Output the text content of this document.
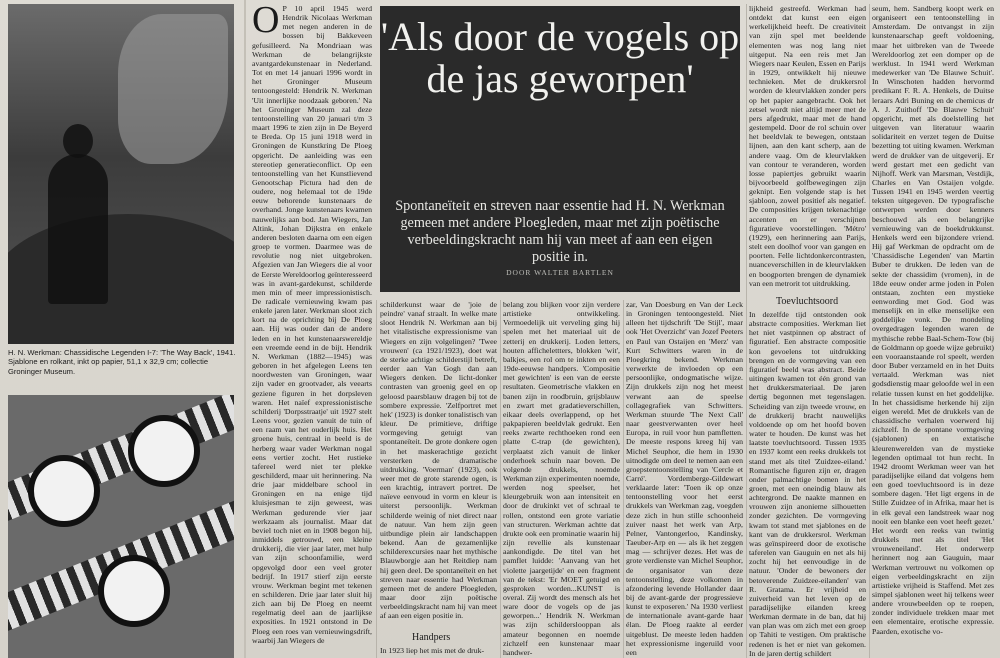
H. N. Werkman: Chassidische Legenden I-7: 'The Way Back', 1941. Sjablone en rolkant, inkt op papier, 51,1 x 32,9 cm; collectie Groninger Museum.
O P 10 april 1945 werd Hendrik Nicolaas Werkman met negen anderen in de bossen bij Bakkeveen gefusilleerd. Na Mondriaan was Werkman de belangrijkste avantgardekunstenaar in Nederland. Tot en met 14 januari 1996 wordt in het Groninger Museum tentoongesteld: Hendrik N. Werkman 'Uit innerlijke noodzaak geboren.' Na het Groninger Museum zal deze tentoonstelling van 20 januari t/m 3 maart 1996 te zien zijn in De Beyerd te Breda. Op 15 juni 1918 werd in Groningen de Kunstkring De Ploeg opgericht. De aanleiding was een stereotiep generatieconflict. Op een tentoonstelling van het Kunstlievend Genootschap Pictura had den de oudere, nog helemaal tot de 19de eeuw behorende kunstenaars de overhand. Jonge kunstenaars kwamen nauwelijks aan bod. Jan Wiegers, Jan Altink, Johan Dijkstra en enkele anderen besloten daarna om een eigen groep te vormen. Daarmee was de revolutie nog niet uitgebroken. Afgezien van Jan Wiegers die al voor de Eerste Wereldoorlog geïnteresseerd was in avant-gardekunst, schilderde men min of meer impressionistisch. De radicale vernieuwing kwam pas enkele jaren later. Werkman sloot zich kort na de oprichting bij De Ploeg aan. Hij was ouder dan de andere leden en in het kunstenaarswereldje een vreemde eend in de bijt. Hendrik N. Werkman (1882—1945) was geboren in het afgelegen Leens ten noordwesten van Groningen, waar zijn vader en grootvader, als veearts geziene figuren in het dorpsleven waren. Het naïef expressionistische schilderij 'Dorpsstraatje' uit 1927 stelt Leens voor, gezien vanuit de tuin of een raam van het ouderlijk huis. Het groene huis, centraal in beeld is de herberg waar vader Werkman nogal eens vertier zocht. Het rustieke tafereel werd niet ter plekke geschilderd, maar uit herinnering. Na drie jaar middelbare school in Groningen en na enige tijd kluisjesman te zijn geweest, was Werkman gedurende vier jaar werkzaam als journalist. Maar dat beviel toch niet en in 1908 begon hij, inmiddels getrouwd, een kleine drukkerij, die vier jaar later, met hulp van zijn schoonfamilie, werd opgevolgd door een veel groter bedrijf. In 1917 stierf zijn eerste vrouw. Werkman begint met tekenen en schilderen. Drie jaar later sluit hij zich aan bij De Ploeg en neemt regelmatig deel aan de jaarlijkse exposities. In 1921 ontstond in De Ploeg een roes van vernieuwingsdrift, waarbij Jan Wiegers de
'Als door de vogels op de jas geworpen'
Spontaneïteit en streven naar essentie had H. N. Werkman gemeen met andere Ploegleden, maar met zijn poëtische verbeeldingskracht nam hij van meet af aan een eigen positie in.
DOOR WALTER BARTLEN
schilderkunst waar de 'joie de peindre' vanaf straalt. In welke mate sloot Hendrik N. Werkman aan bij het vitalistische expressionisme van Wiegers en zijn volgelingen? 'Twee vrouwen' (ca 1921/1923), doet wat de sterke achtige schilderstijl betreft, eerder aan Van Gogh dan aan Wiegers denken. De licht-donker contrasten van groenig geel en op geloosd paarsblauw dragen bij tot de sombere expressie. 'Zelfportret met hek' (1923) is donker tonalistisch van kleur. De primitieve, driftige vormgeving getuigt van spontaneïteit. De grote donkere ogen in het maskerachtige gezicht versterken de dramatische uitdrukking. 'Voerman' (1923), ook weer met de grote starende ogen, is een krachtig, intravert portret. De naïeve eenvoud in vorm en kleur is uiterst persoonlijk. Werkman schilderde weinig of niet direct naar de natuur. Van hem zijn geen uitbundige plein air landschappen bekend. Aan de gezamenlijke schilderexcursies naar het mythische Blauwborgje aan het Reitdiep nam hij geen deel. De spontaneïteit en het streven naar essentie had Werkman gemeen met de andere Ploegleden, maar door zijn poëtische verbeeldingskracht nam hij van meet af aan een eigen positie in.
Handpers
In 1923 liep het mis met de druk-
belang zou blijken voor zijn verdere artistieke ontwikkeling. Vermoedelijk uit verveling ging hij spelen met het materiaal uit de zetterij en drukkerij. Loden letters, houten affichelettters, blokken 'wit', balkjes, een rol om te inkten en een 19de-eeuwse handpers. 'Compositie met gewichten' is een van de eerste resultaten. Geometrische vlakken en banen zijn in roodbruin, grijsblauw en zwart met gradatieverschillen, eikaar deels overlappend, op het pakpapieren beeldvlak gedrukt. Een reeks zwarte rechthoeken rond een platte C-trap (de gewichten), verplaatst zich vanuit de linker onderhoek schuin naar boven. De volgende drukkels, noemde Werkman zijn experimenten noemde, werden nog speelser, het kleurgebruik won aan intensiteit en door de drukinkt vet of schraal te rollen, ontstond een grote variatie van structuren. Werkman achtte dat drukte ook een prominatie waarin hij zijn revellie als kunstenaar aankondigde. De titel van het pamflet luidde: 'Aanvang van het violette jaargetijde' en een fragment van de tekst: 'Er MOET getuigd en gesproken worden...KUNST is overal. Zij wordt des mensch als het ware door de vogels op de jas geworpen...' Hendrik N. Werkman was zijn schilderslooppan als amateur begonnen en noemde zichzelf een kunstenaar maar handwer-
zar, Van Doesburg en Van der Leck in Groningen tentoongesteld. Niet alleen het tijdschrift 'De Stijl', maar ook 'Het Overzicht' van Jozef Peeters en Paul van Ostaijen en 'Merz' van Kurt Schwitters waren in de Ploegkring bekend. Werkman verwerkte de invloeden op een persoonlijke, ondogmatische wijze. Zijn drukkels zijn nog het meest verwant aan de speelse collagegrafiek van Schwitters. Werkman stuurde 'The Next Call' naar geestverwanten over heel Europa, in ruil voor hun pamfletten. De meeste respons kreeg hij van Michel Seuphor, die hem in 1930 uitnodigde om deel te nemen aan een groepstentoonstelling van 'Cercle et Carré'. Vordemberge-Gildewart verklaarde later: 'Toen ik op onze tentoonstelling voor het eerst drukkels van Werkman zag, voegden deze zich in hun stille schoonheid zuiver naast het werk van Arp, Pelner, Vantongerloo, Kandinsky, Taeuber-Arp en — als ik het zeggen mag — schrijver dezes. Het was de grote verdienste van Michel Seuphor, de organisator van deze tentoonstelling, deze volkomen in afzondering levende Hollander daar bij de avant-garde der progressieve kunst te exposeren.' Na 1930 verliest de internationale avant-garde haar élan. De Ploeg raakte al eerder uitgeblust. De meeste leden hadden het expressionisme ingeruild voor een
lijkheid gestreefd. Werkman had ontdekt dat kunst een eigen werkelijkheid heeft. De creativiteit van zijn spel met beeldende elementen was nog lang niet uitgeput. Na een reis met Jan Wiegers naar Keulen, Essen en Parijs in 1929, ontwikkelt hij nieuwe technieken. Met de drukkersrol worden de kleurvlakken zonder pers op het papier aangebracht. Ook het zetsel wordt niet altijd meer met de pers afgedrukt, maar met de hand gestempeld. Door de rol schuin over het beeldvlak te bewegen, ontstaan lijnen, aan den kant scherp, aan de andere vaag. Om de kleurvlakken van contour te veranderen, worden losse papiertjes gebruikt waarin bijvoorbeeld golfbewegingen zijn geknipt. Een volgende stap is het sjabloon, zowel positief als negatief. De composities krijgen tekenachtige accenten en er verschijnen figuratieve voorstellingen. 'Métro' (1929), een herinnering aan Parijs, stelt een doolhof voor van gangen en poorten. Felle lichtdonkercontrasten, nuanceverschillen in de kleurvlakken en boogporten brengen de dynamiek van een metrorit tot uitdrukking.
Toevluchtsoord
In dezelfde tijd ontstonden ook abstracte composities. Werkman liet het niet vastpinnen op abstract of figuratief. Een abstracte compositie kon gevoelens tot uitdrukking brengen en de vormgeving van een figuratief beeld was abstract. Beide uitingen kwamen tot één grond van het drukkersmateriaal. De jaren dertig begonnen met tegenslagen. Scheiding van zijn tweede vrouw, en de drukkerij bracht nauwelijks voldoende op om het hoofd boven water te houden. De kunst was het laatste toevluchtsoord. Tussen 1935 en 1937 komt een reeks drukkels tot stand met als titel 'Zuidzee-eiland.' Romantische figuren zijn er, dragen onder palmachtige bomen in het groen, met een oneindig blauw als achtergrond. De naakte mannen en vrouwen zijn anonieme silhouetten zonder gezichten. De vormgeving kwam tot stand met sjablones en de kant van de drukkersrol. Werkman was geïnspireerd door de exotische taferelen van Gauguin en net als hij zocht hij het eenvoudige in de natuur. 'Onder de bewoners der betoverende Zuidzee-eilanden' van R. Gratama. Er vrijheid en zuiverheid van het leven op de paradijselijke eilanden kreeg Werkman dermate in de ban, dat hij van plan was om zich met een groep op Tahiti te vestigen. Om praktische redenen is het er niet van gekomen. In de jaren dertig schildert
seum, hem. Sandberg koopt werk en organiseert een tentoonstelling in Amsterdam. De ontvangst in zijn kunstenaarschap geeft voldoening, maar het uitbreken van de Tweede Wereldoorlog zet een domper op de werklust. In 1941 werd Werkman medewerker van 'De Blauwe Schuit'. In Winschoten hadden hervormd predikant F. R. A. Henkels, de Duitse leraars Adri Buning en de chemicus dr A. J. Zuithoff 'De Blauwe Schuit' opgericht, met als doelstelling het uitgeven van literatuur waarin solidariteit en verzet tegen de Duitse bezetting tot uiting kwamen. Werkman werd de drukker van de uitgeverij. Er werd gestart met een gedicht van Nijhoff. Werk van Marsman, Vestdijk, Charles en Van Ostaijen volgde. Tussen 1941 en 1945 werden veertig teksten uitgegeven. De typografische ontwerpen werden door kenners beschouwd als een belangrijke vernieuwing van de boekdrukkunst. Henkels werd een bijzondere vriend. Hij gaf Werkman de opdracht om de 'Chassidische Legenden' van Martin Buber te drukken. De leden van de sekte der chassidim (vromen), in de 18de eeuw onder arme joden in Polen ontstaan, zochten een mystieke eenwording met God. God was menselijk en in elke menselijke een goddelijke vonk. De mondeling overgedragen legenden waren de mythische rebbe Baal-Schem-Tow (bij de Goldmann op goede wijze gebruikt) een vooraanstaande rol speelt, werden door Buber verzameld en in het Duits vertaald. Werkman was niet godsdienstig maar geloofde wel in een relatie tussen kunst en het goddelijke. In het chassidisme herkende hij zijn eigen wereld. Met de drukkels van de chassidische verhalen voerwerd hij zichzelf. In de spontane vormgeving (sjablonen) en extatische kleurenwerelden van de mystieke legenden optimaal tot hun recht. In 1942 droomt Werkman weer van het paradijselijke eiland dat volgens hem een goed toevluchtsoord is in deze sombere dagen. 'Het ligt ergens in de Stille Zuidzee of in Afrika, maar het is in elk geval een landstreek waar nog nooit een blanke een voet heeft gezet.' Het wordt een reeks van twintig drukkels met als titel 'Het vrouweneiland'. Het onderwerp herinnert nog aan Gauguin, maar Werkman vertrouwt nu volkomen op eigen verbeeldingskracht en zijn artistieke vrijheid is Staffend. Met zes simpel sjablonen weet hij telkens weer andere vrouwbeelden op te roepen, zonder individuele trekken maar met een elementaire, erotische expressie. Paarden, exotische vo-
